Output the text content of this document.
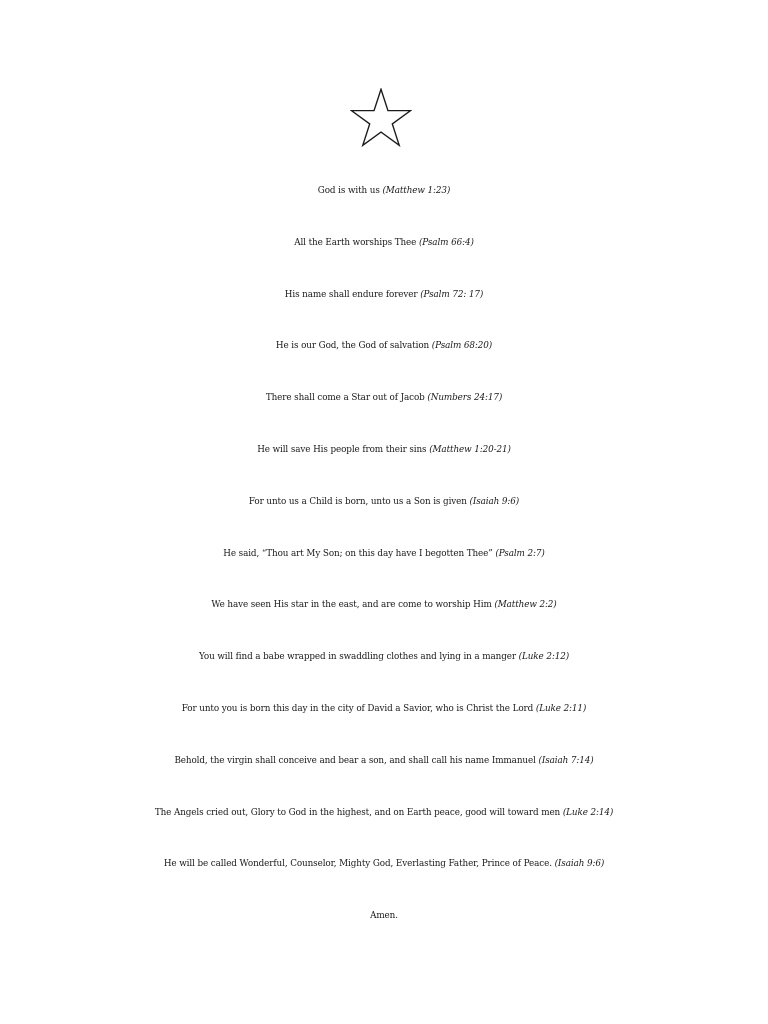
God is with us (Matthew 1:23)
All the Earth worships Thee (Psalm 66:4)
His name shall endure forever (Psalm 72: 17)
He is our God, the God of salvation (Psalm 68:20)
There shall come a Star out of Jacob (Numbers 24:17)
He will save His people from their sins (Matthew 1:20-21)
For unto us a Child is born, unto us a Son is given (Isaiah 9:6)
He said, “Thou art My Son; on this day have I begotten Thee” (Psalm 2:7)
We have seen His star in the east, and are come to worship Him (Matthew 2:2)
You will find a babe wrapped in swaddling clothes and lying in a manger (Luke 2:12)
For unto you is born this day in the city of David a Savior, who is Christ the Lord (Luke 2:11)
Behold, the virgin shall conceive and bear a son, and shall call his name Immanuel (Isaiah 7:14)
The Angels cried out, Glory to God in the highest, and on Earth peace, good will toward men (Luke 2:14)
He will be called Wonderful, Counselor, Mighty God, Everlasting Father, Prince of Peace. (Isaiah 9:6)
Amen.
